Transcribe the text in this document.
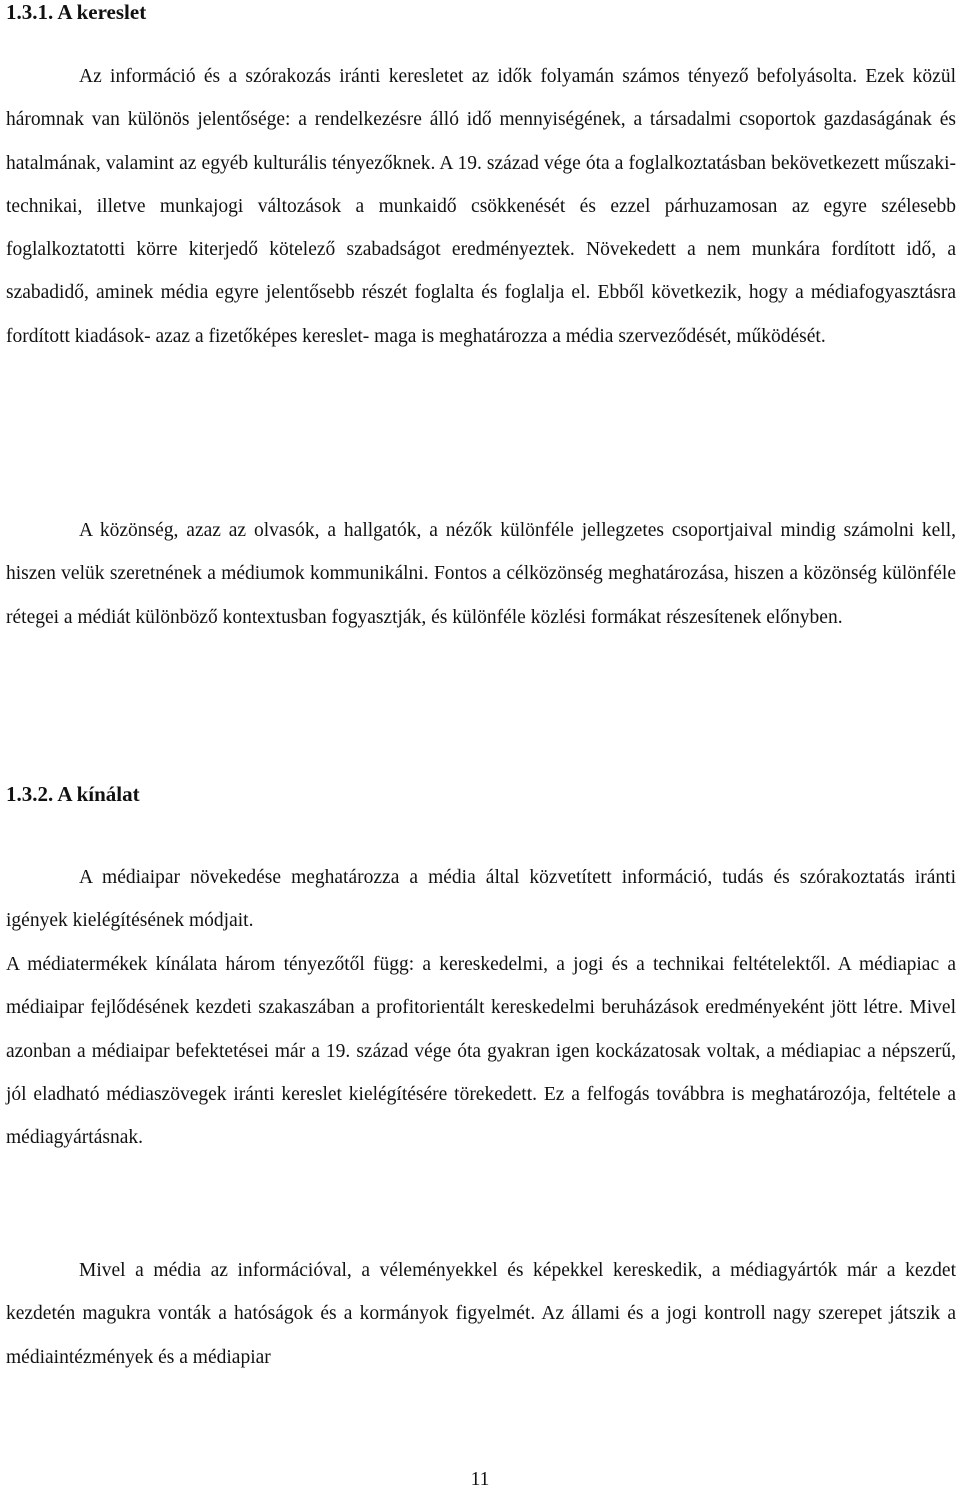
1.3.1. A kereslet

Az információ és a szórakozás iránti keresletet az idők folyamán számos tényező befolyásolta. Ezek közül háromnak van különös jelentősége: a rendelkezésre álló idő mennyiségének, a társadalmi csoportok gazdaságának és hatalmának, valamint az egyéb kulturális tényezőknek. A 19. század vége óta a foglalkoztatásban bekövetkezett műszaki-technikai, illetve munkajogi változások a munkaidő csökkenését és ezzel párhuzamosan az egyre szélesebb foglalkoztatotti körre kiterjedő kötelező szabadságot eredményeztek. Növekedett a nem munkára fordított idő, a szabadidő, aminek média egyre jelentősebb részét foglalta és foglalja el. Ebből következik, hogy a médiafogyasztásra fordított kiadások- azaz a fizetőképes kereslet- maga is meghatározza a média szerveződését, működését.

A közönség, azaz az olvasók, a hallgatók, a nézők különféle jellegzetes csoportjaival mindig számolni kell, hiszen velük szeretnének a médiumok kommunikálni. Fontos a célközönség meghatározása, hiszen a közönség különféle rétegei a médiát különböző kontextusban fogyasztják, és különféle közlési formákat részesítenek előnyben.

1.3.2. A kínálat

A médiaipar növekedése meghatározza a média által közvetített információ, tudás és szórakoztatás iránti igények kielégítésének módjait.

A médiatermékek kínálata három tényezőtől függ: a kereskedelmi, a jogi és a technikai feltételektől. A médiapiac a médiaipar fejlődésének kezdeti szakaszában a profitorientált kereskedelmi beruházások eredményeként jött létre. Mivel azonban a médiaipar befektetései már a 19. század vége óta gyakran igen kockázatosak voltak, a médiapiac a népszerű, jól eladható médiaszövegek iránti kereslet kielégítésére törekedett. Ez a felfogás továbbra is meghatározója, feltétele a médiagyártásnak.

Mivel a média az információval, a véleményekkel és képekkel kereskedik, a médiagyártók már a kezdet kezdetén magukra vonták a hatóságok és a kormányok figyelmét. Az állami és a jogi kontroll nagy szerepet játszik a médiaintézmények és a médiapiar

11
